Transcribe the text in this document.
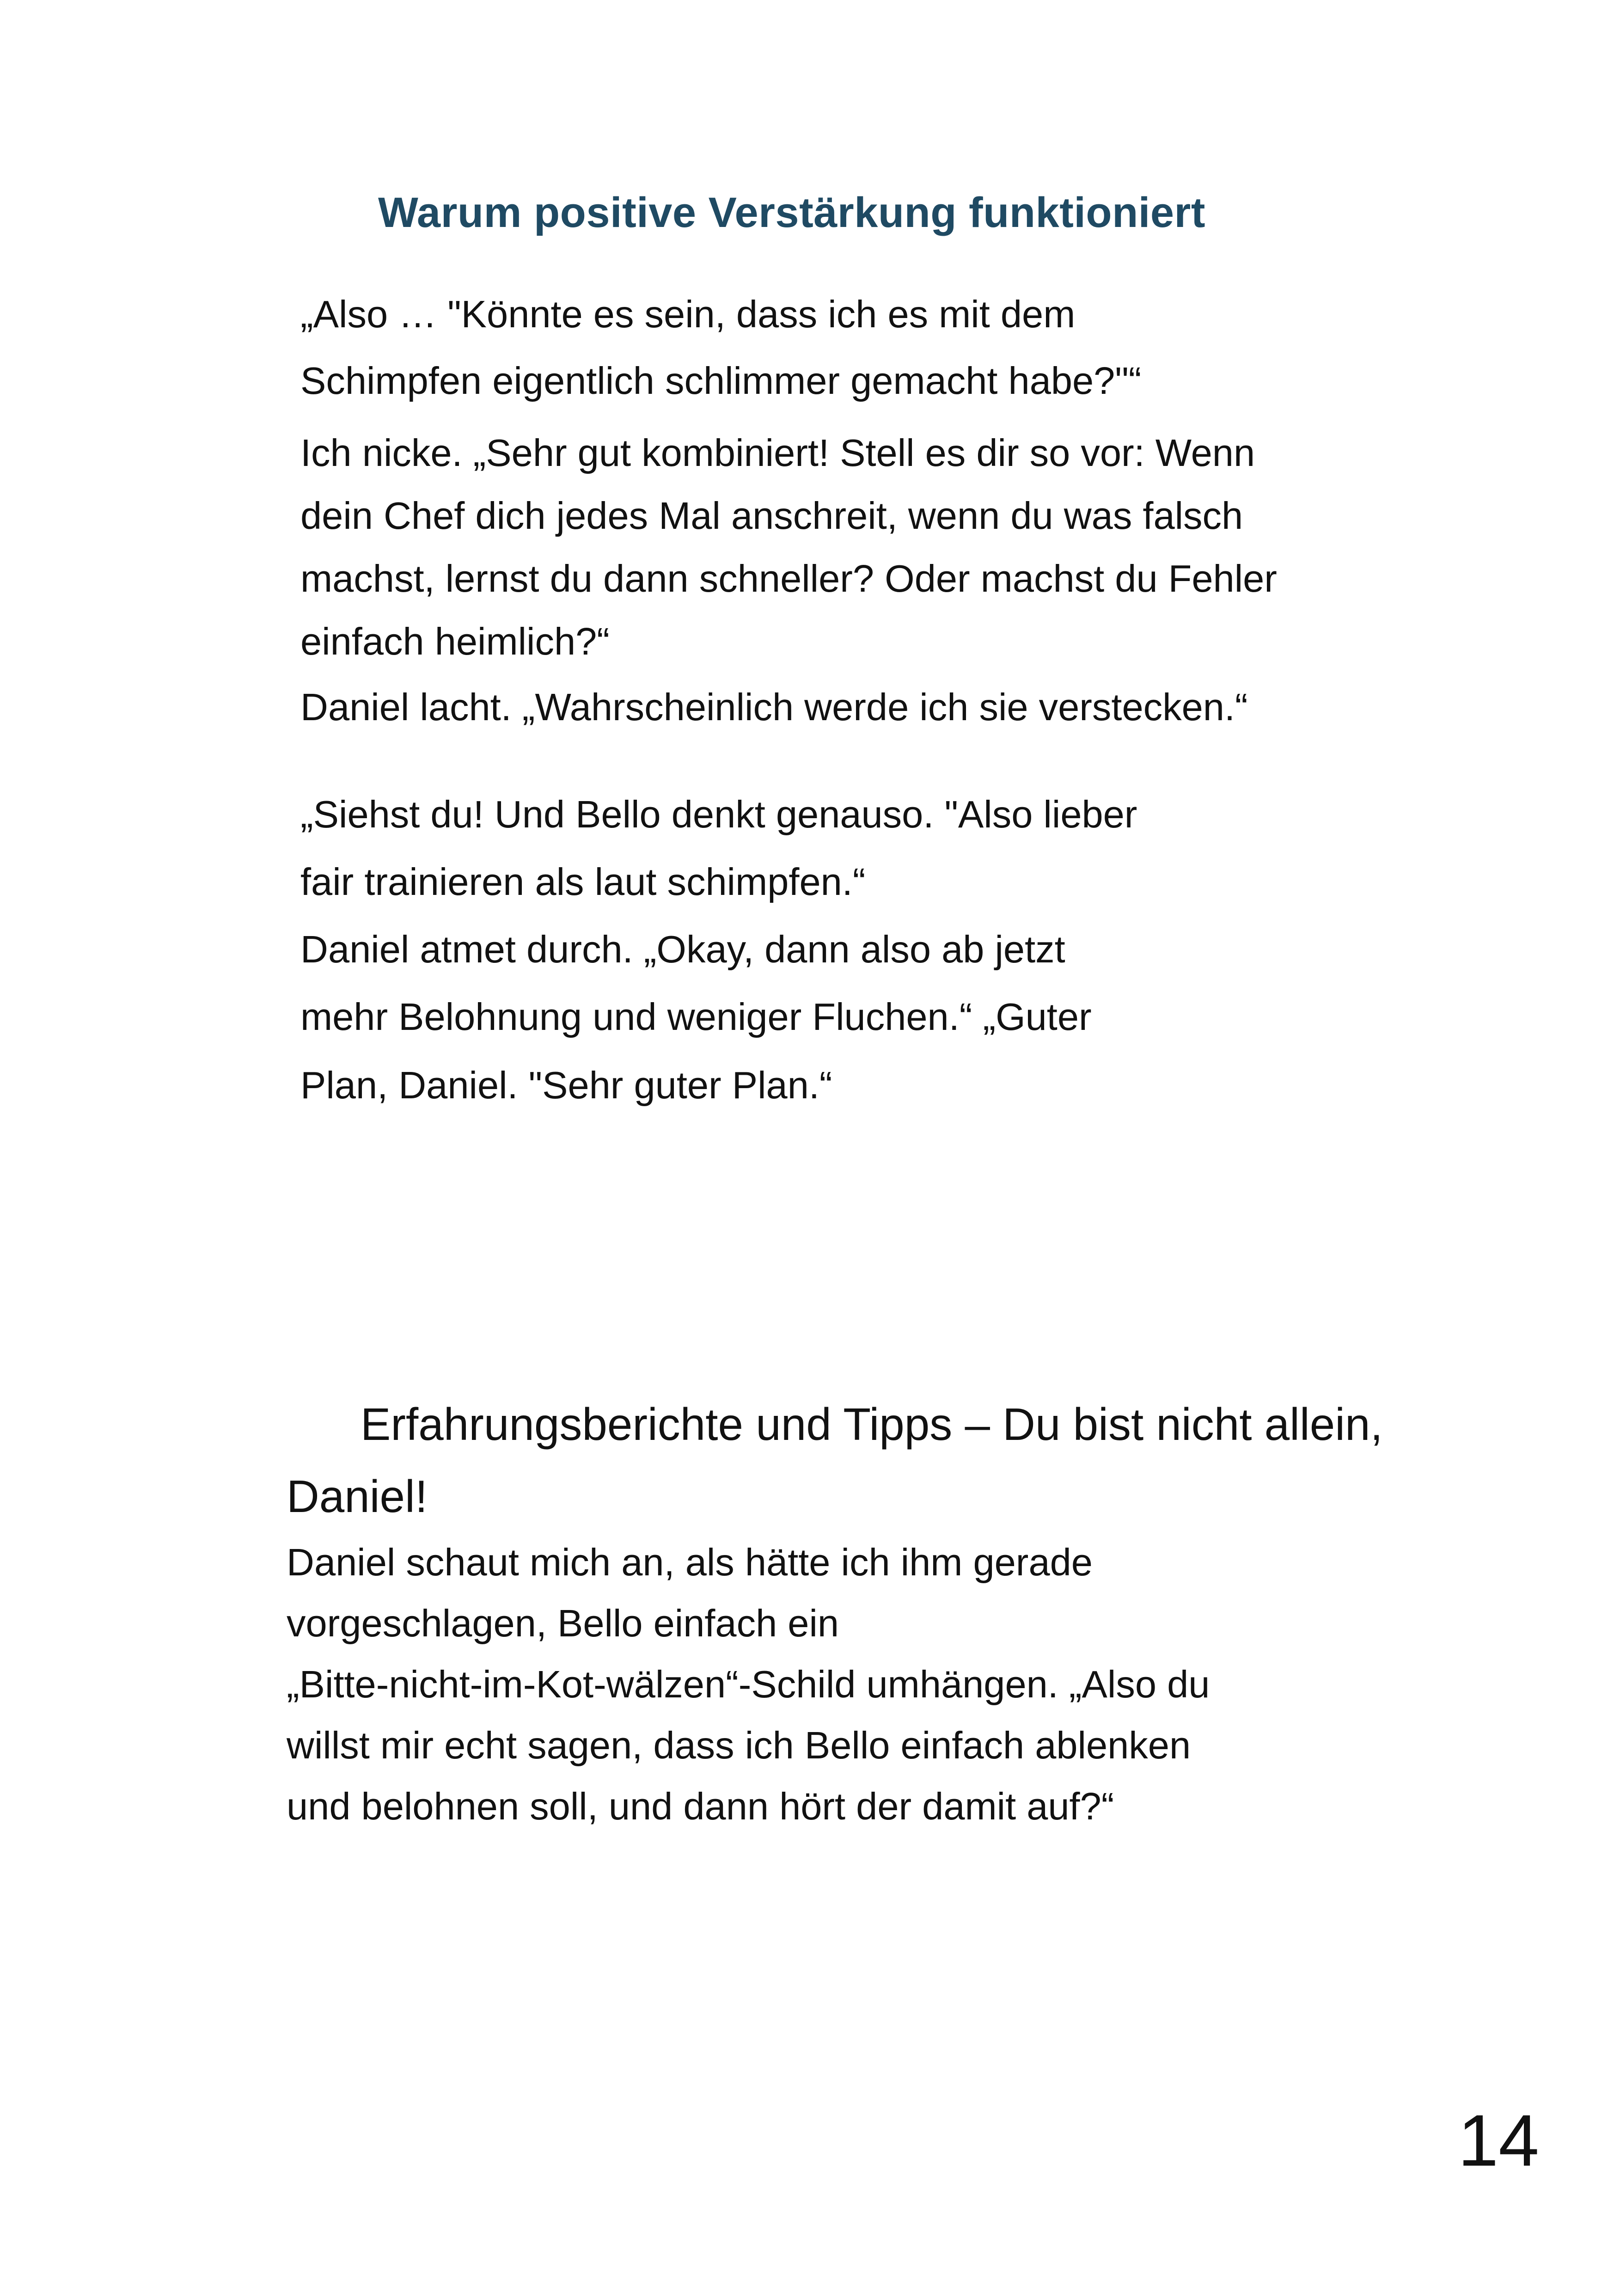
Warum positive Verstärkung funktioniert

„Also … "Könnte es sein, dass ich es mit dem

Schimpfen eigentlich schlimmer gemacht habe?"“

Ich nicke. „Sehr gut kombiniert! Stell es dir so vor: Wenn

dein Chef dich jedes Mal anschreit, wenn du was falsch

machst, lernst du dann schneller? Oder machst du Fehler

einfach heimlich?“

Daniel lacht. „Wahrscheinlich werde ich sie verstecken.“

„Siehst du! Und Bello denkt genauso. "Also lieber

fair trainieren als laut schimpfen.“

Daniel atmet durch. „Okay, dann also ab jetzt

mehr Belohnung und weniger Fluchen.“ „Guter

Plan, Daniel. "Sehr guter Plan.“

Erfahrungsberichte und Tipps – Du bist nicht allein,
Daniel!

Daniel schaut mich an, als hätte ich ihm gerade

vorgeschlagen, Bello einfach ein

„Bitte-nicht-im-Kot-wälzen“-Schild umhängen. „Also du

willst mir echt sagen, dass ich Bello einfach ablenken

und belohnen soll, und dann hört der damit auf?“

14
